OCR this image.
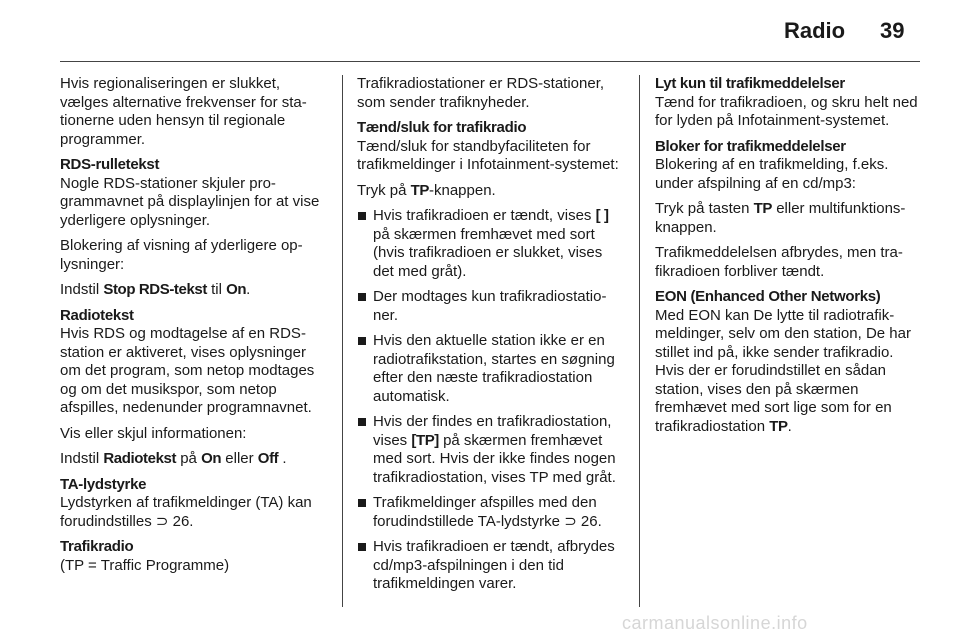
Radio 39

Hvis regionaliseringen er slukket, vælges alternative frekvenser for stationerne uden hensyn til regionale programmer.

RDS-rulletekst

Nogle RDS-stationer skjuler programmavnet på displaylinjen for at vise yderligere oplysninger.

Blokering af visning af yderligere oplysninger:

Indstil Stop RDS-tekst til On.

Radiotekst

Hvis RDS og modtagelse af en RDS-station er aktiveret, vises oplysninger om det program, som netop modtages og om det musikspor, som netop afspilles, nedenunder programnavnet.

Vis eller skjul informationen:

Indstil Radiotekst på On eller Off .

TA-lydstyrke

Lydstyrken af trafikmeldinger (TA) kan forudindstilles ⊃ 26.

Trafikradio

(TP = Traffic Programme)

Trafikradiostationer er RDS-stationer, som sender trafiknyheder.

Tænd/sluk for trafikradio

Tænd/sluk for standbyfaciliteten for trafikmeldinger i Infotainment-systemet:

Tryk på TP-knappen.

Hvis trafikradioen er tændt, vises [ ] på skærmen fremhævet med sort (hvis trafikradioen er slukket, vises det med gråt).
Der modtages kun trafikradiostationer.
Hvis den aktuelle station ikke er en radiotrafikstation, startes en søgning efter den næste trafikradiostation automatisk.
Hvis der findes en trafikradiostation, vises [TP] på skærmen fremhævet med sort. Hvis der ikke findes nogen trafikradiostation, vises TP med gråt.
Trafikmeldinger afspilles med den forudindstillede TA-lydstyrke ⊃ 26.
Hvis trafikradioen er tændt, afbrydes cd/mp3-afspilningen i den tid trafikmeldingen varer.

Lyt kun til trafikmeddelelser

Tænd for trafikradioen, og skru helt ned for lyden på Infotainment-systemet.

Bloker for trafikmeddelelser

Blokering af en trafikmelding, f.eks. under afspilning af en cd/mp3:

Tryk på tasten TP eller multifunktionsknappen.

Trafikmeddelelsen afbrydes, men trafikradioen forbliver tændt.

EON (Enhanced Other Networks)

Med EON kan De lytte til radiotrafikmeldinger, selv om den station, De har stillet ind på, ikke sender trafikradio. Hvis der er forudindstillet en sådan station, vises den på skærmen fremhævet med sort lige som for en trafikradiostation TP.

carmanualsonline.info
